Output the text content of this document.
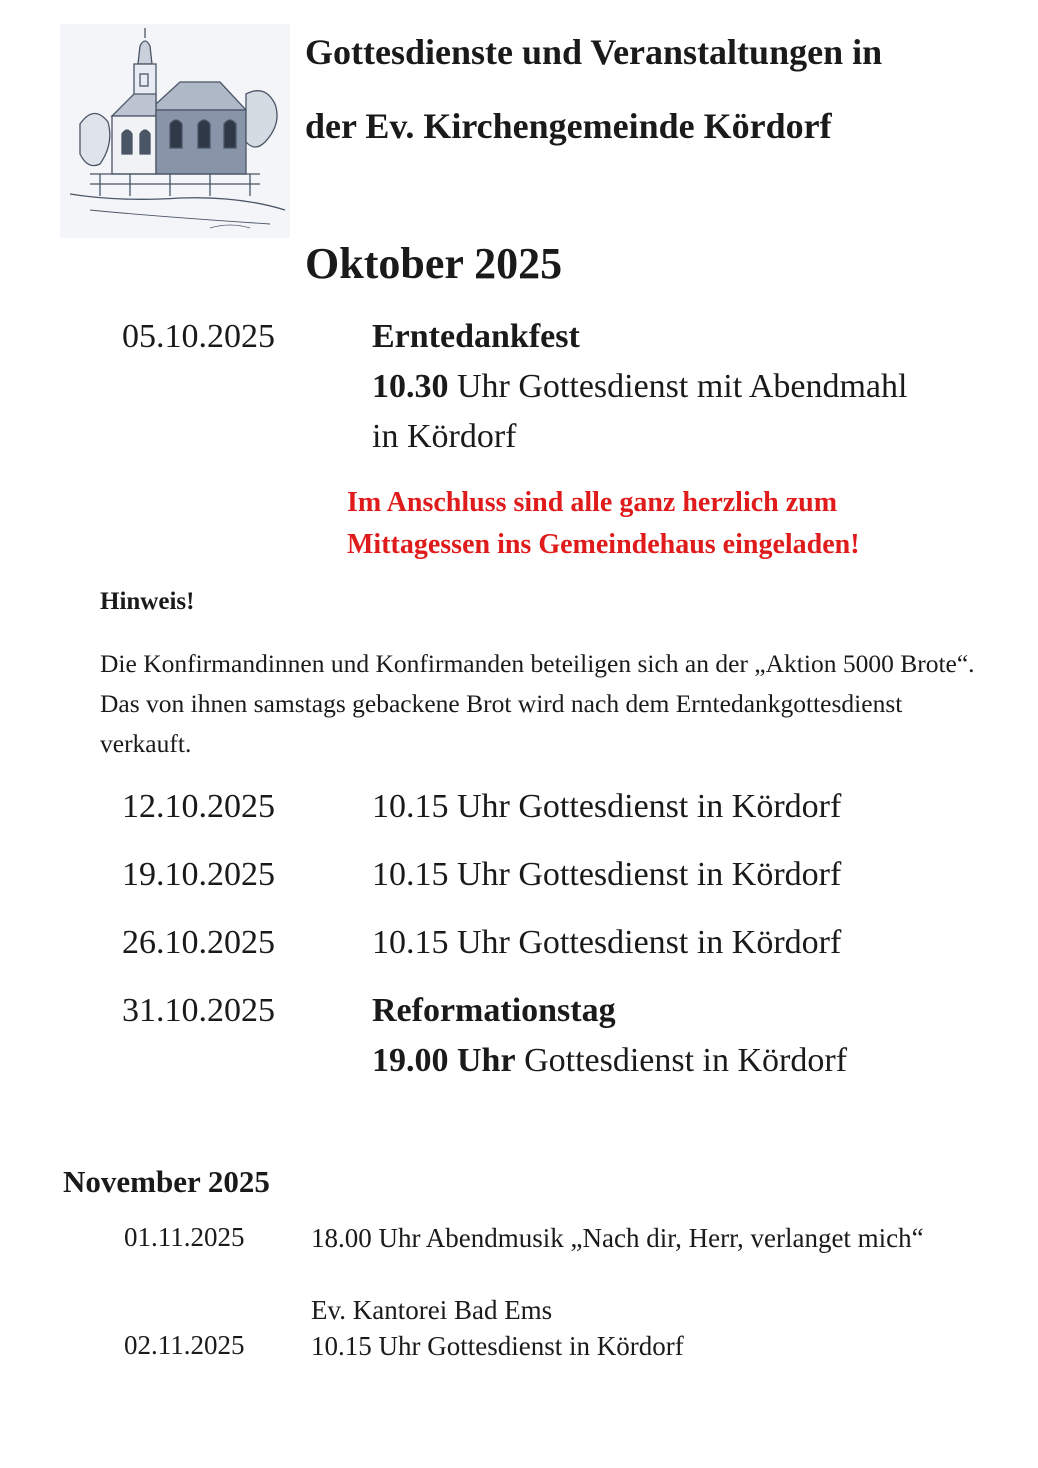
Gottesdienste und Veranstaltungen in
der Ev. Kirchengemeinde Kördorf
Oktober 2025
05.10.2025	Erntedankfest
10.30 Uhr Gottesdienst mit Abendmahl
in Kördorf
Im Anschluss sind alle ganz herzlich zum
Mittagessen ins Gemeindehaus eingeladen!
Hinweis!
Die Konfirmandinnen und Konfirmanden beteiligen sich an der „Aktion 5000 Brote“. Das von ihnen samstags gebackene Brot wird nach dem Erntedankgottesdienst verkauft.
12.10.2025	10.15 Uhr Gottesdienst in Kördorf
19.10.2025	10.15 Uhr Gottesdienst in Kördorf
26.10.2025	10.15 Uhr Gottesdienst in Kördorf
31.10.2025	Reformationstag
19.00 Uhr Gottesdienst in Kördorf
November 2025
01.11.2025 18.00 Uhr Abendmusik „Nach dir, Herr, verlanget mich“
Ev. Kantorei Bad Ems
02.11.2025 10.15 Uhr Gottesdienst in Kördorf
